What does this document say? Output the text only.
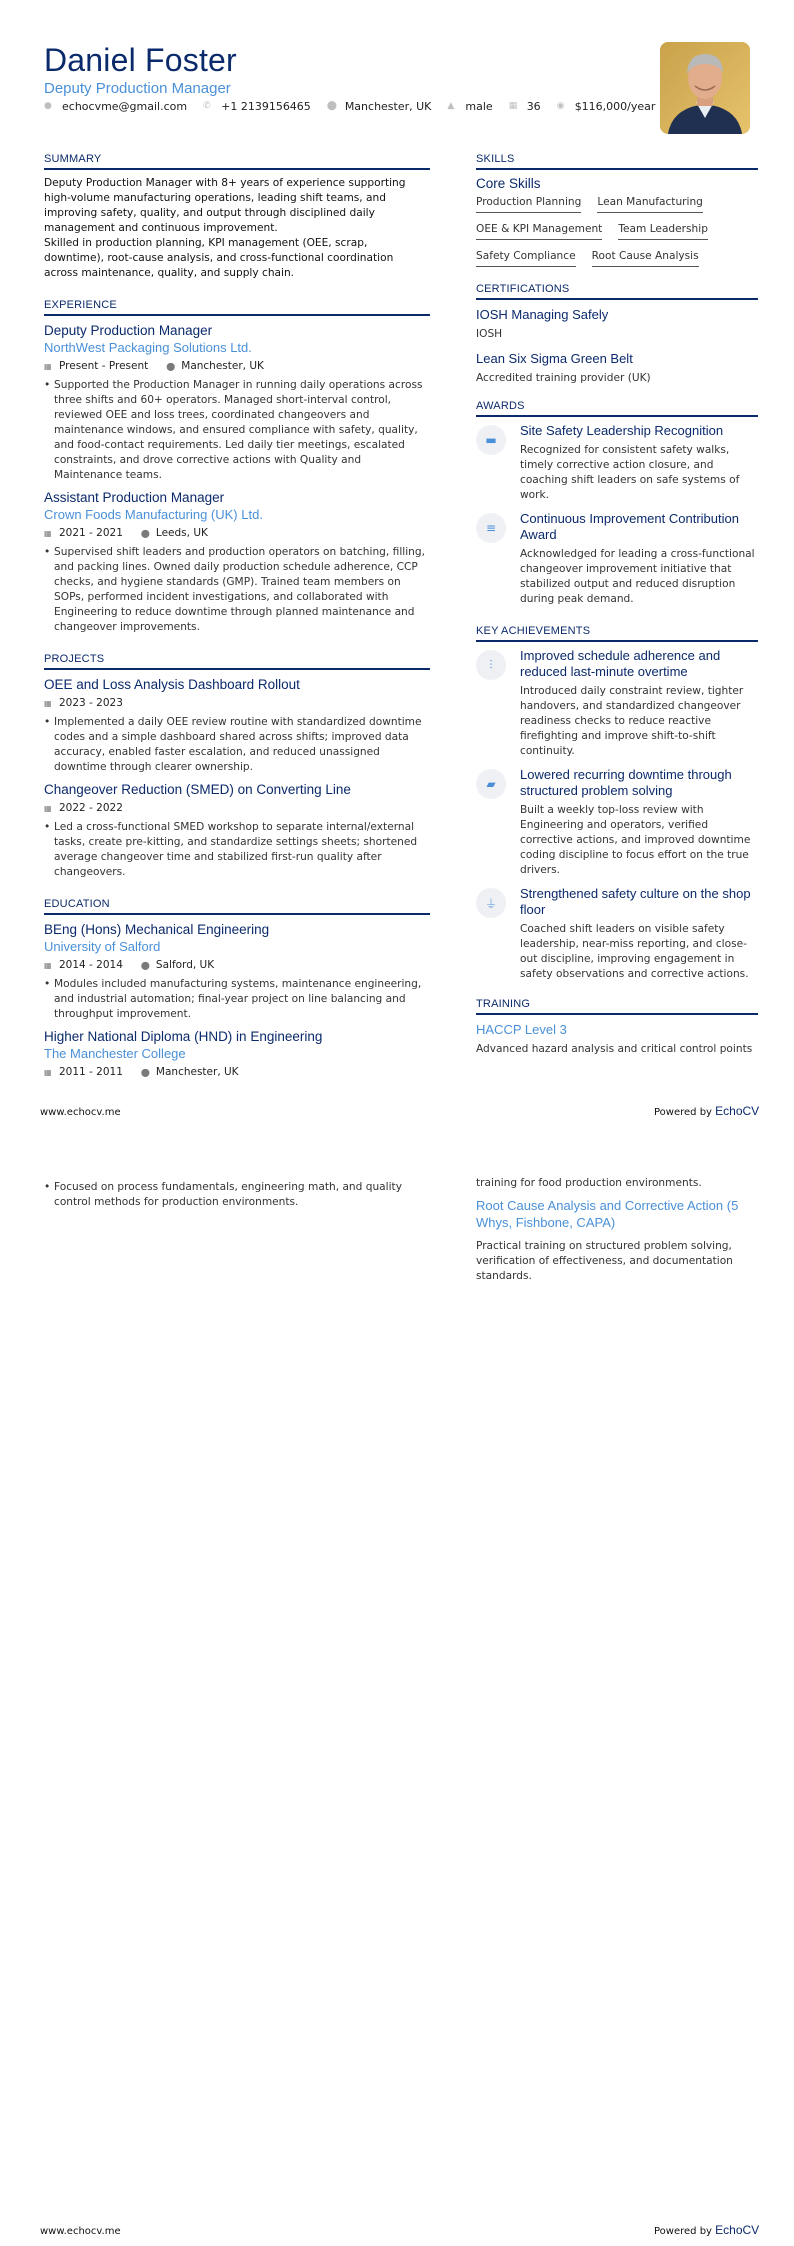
Daniel Foster
Deputy Production Manager
● echocvme@gmail.com ✆ +1 2139156465 ⬤ Manchester, UK ▲ male ▦ 36 ◉ $116,000/year
SUMMARY
Deputy Production Manager with 8+ years of experience supporting high-volume manufacturing operations, leading shift teams, and improving safety, quality, and output through disciplined daily management and continuous improvement.
Skilled in production planning, KPI management (OEE, scrap, downtime), root-cause analysis, and cross-functional coordination across maintenance, quality, and supply chain.
EXPERIENCE
Deputy Production Manager
NorthWest Packaging Solutions Ltd.
▦ Present - Present ⬤ Manchester, UK
• Supported the Production Manager in running daily operations across three shifts and 60+ operators. Managed short-interval control, reviewed OEE and loss trees, coordinated changeovers and maintenance windows, and ensured compliance with safety, quality, and food-contact requirements. Led daily tier meetings, escalated constraints, and drove corrective actions with Quality and Maintenance teams.
Assistant Production Manager
Crown Foods Manufacturing (UK) Ltd.
▦ 2021 - 2021 ⬤ Leeds, UK
• Supervised shift leaders and production operators on batching, filling, and packing lines. Owned daily production schedule adherence, CCP checks, and hygiene standards (GMP). Trained team members on SOPs, performed incident investigations, and collaborated with Engineering to reduce downtime through planned maintenance and changeover improvements.
PROJECTS
OEE and Loss Analysis Dashboard Rollout
▦ 2023 - 2023
• Implemented a daily OEE review routine with standardized downtime codes and a simple dashboard shared across shifts; improved data accuracy, enabled faster escalation, and reduced unassigned downtime through clearer ownership.
Changeover Reduction (SMED) on Converting Line
▦ 2022 - 2022
• Led a cross-functional SMED workshop to separate internal/external tasks, create pre-kitting, and standardize settings sheets; shortened average changeover time and stabilized first-run quality after changeovers.
EDUCATION
BEng (Hons) Mechanical Engineering
University of Salford
▦ 2014 - 2014 ⬤ Salford, UK
• Modules included manufacturing systems, maintenance engineering, and industrial automation; final-year project on line balancing and throughput improvement.
Higher National Diploma (HND) in Engineering
The Manchester College
▦ 2011 - 2011 ⬤ Manchester, UK
SKILLS
Core Skills
Production Planning Lean Manufacturing
OEE & KPI Management Team Leadership
Safety Compliance Root Cause Analysis
CERTIFICATIONS
IOSH Managing Safely
IOSH
Lean Six Sigma Green Belt
Accredited training provider (UK)
AWARDS
▬
Site Safety Leadership Recognition
Recognized for consistent safety walks, timely corrective action closure, and coaching shift leaders on safe systems of work.
≡
Continuous Improvement Contribution Award
Acknowledged for leading a cross-functional changeover improvement initiative that stabilized output and reduced disruption during peak demand.
KEY ACHIEVEMENTS
⫶
Improved schedule adherence and reduced last-minute overtime
Introduced daily constraint review, tighter handovers, and standardized changeover readiness checks to reduce reactive firefighting and improve shift-to-shift continuity.
▰
Lowered recurring downtime through structured problem solving
Built a weekly top-loss review with Engineering and operators, verified corrective actions, and improved downtime coding discipline to focus effort on the true drivers.
⏚
Strengthened safety culture on the shop floor
Coached shift leaders on visible safety leadership, near-miss reporting, and close-out discipline, improving engagement in safety observations and corrective actions.
TRAINING
HACCP Level 3
Advanced hazard analysis and critical control points
www.echocv.me	Powered by EchoCV
• Focused on process fundamentals, engineering math, and quality control methods for production environments.
training for food production environments.
Root Cause Analysis and Corrective Action (5 Whys, Fishbone, CAPA)
Practical training on structured problem solving, verification of effectiveness, and documentation standards.
www.echocv.me	Powered by EchoCV
